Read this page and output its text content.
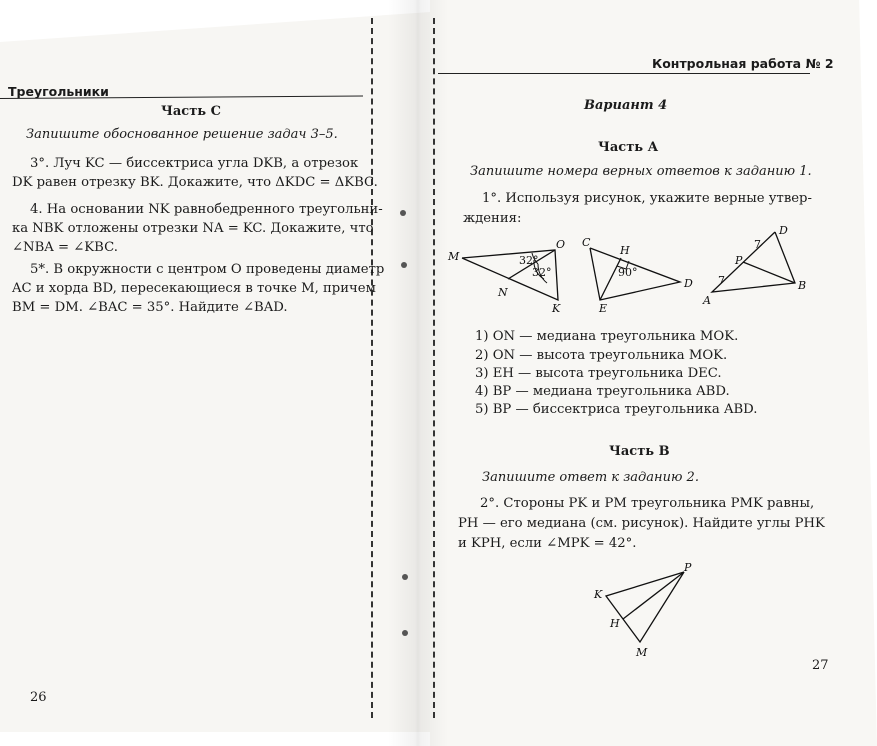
Треугольники
Часть C
Запишите обоснованное решение задач 3–5.
3°. Луч KC — биссектриса угла DKB, а отрезок
DK равен отрезку BK. Докажите, что ΔKDC = ΔKBC.
4. На основании NK равнобедренного треугольни-
ка NBK отложены отрезки NA = KC. Докажите, что
∠NBA = ∠KBC.
5*. В окружности с центром O проведены диаметр
AC и хорда BD, пересекающиеся в точке M, причем
BM = DM. ∠BAC = 35°. Найдите ∠BAD.
26
Контрольная работа № 2
Вариант 4
Часть А
Запишите номера верных ответов к заданию 1.
1°. Используя рисунок, укажите верные утвер-
ждения:
M
O
N
K
32°
32°
C
H
D
E
90°
D
P
B
A
7
7
1) ON — медиана треугольника MOK.
2) ON — высота треугольника MOK.
3) EH — высота треугольника DEC.
4) BP — медиана треугольника ABD.
5) BP — биссектриса треугольника ABD.
Часть В
Запишите ответ к заданию 2.
2°. Стороны PK и PM треугольника PMK равны,
PH — его медиана (см. рисунок). Найдите углы PHK
и KPH, если ∠MPK = 42°.
P
K
H
M
27
